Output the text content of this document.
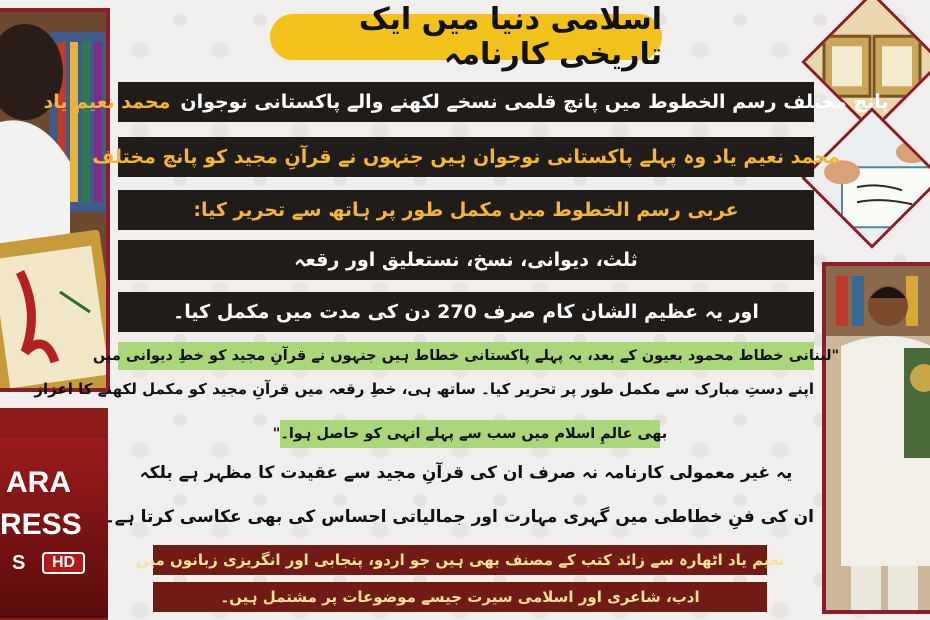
اسلامی دنیا میں ایک تاریخی کارنامہ
ARA
RESS
S	HD
پانچ مختلف رسم الخطوط میں پانچ قلمی نسخے لکھنے والے پاکستانی نوجوان
محمد نعیم یاد
محمد نعیم یاد وہ پہلے پاکستانی نوجوان ہیں جنہوں نے قرآنِ مجید کو پانچ مختلف
عربی رسم الخطوط میں مکمل طور پر ہاتھ سے تحریر کیا:
ثلث، دیوانی، نسخ، نستعلیق اور رقعہ
اور یہ عظیم الشان کام صرف 270 دن کی مدت میں مکمل کیا۔
"لبنانی خطاط محمود بعیون کے بعد، یہ پہلے پاکستانی خطاط ہیں جنہوں نے قرآنِ مجید کو خطِ دیوانی میں
اپنے دستِ مبارک سے مکمل طور پر تحریر کیا۔ ساتھ ہی، خطِ رقعہ میں قرآنِ مجید کو مکمل لکھنے کا اعزاز
بھی عالمِ اسلام میں سب سے پہلے انہی کو حاصل ہوا۔"
یہ غیر معمولی کارنامہ نہ صرف ان کی قرآنِ مجید سے عقیدت کا مظہر ہے بلکہ
ان کی فنِ خطاطی میں گہری مہارت اور جمالیاتی احساس کی بھی عکاسی کرتا ہے۔
نعیم یاد اٹھارہ سے زائد کتب کے مصنف بھی ہیں جو اردو، پنجابی اور انگریزی زبانوں میں
ادب، شاعری اور اسلامی سیرت جیسے موضوعات پر مشتمل ہیں۔
